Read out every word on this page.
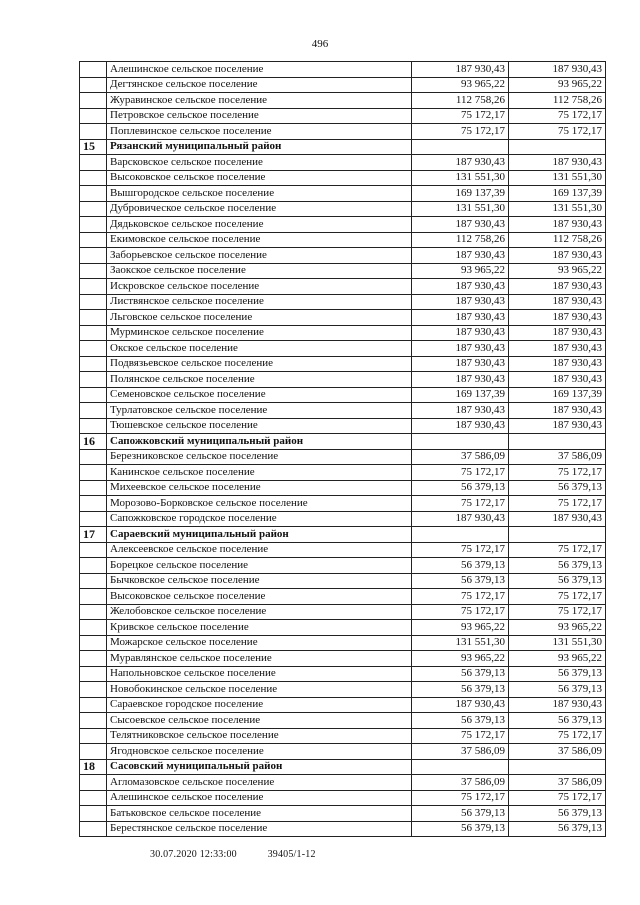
496
	Алешинское сельское поселение	187 930,43	187 930,43
	Дегтянское сельское поселение	93 965,22	93 965,22
	Журавинское сельское поселение	112 758,26	112 758,26
	Петровское сельское поселение	75 172,17	75 172,17
	Поплевинское сельское поселение	75 172,17	75 172,17
15	Рязанский муниципальный район		
	Варсковское сельское поселение	187 930,43	187 930,43
	Высоковское сельское поселение	131 551,30	131 551,30
	Вышгородское сельское поселение	169 137,39	169 137,39
	Дубровическое сельское поселение	131 551,30	131 551,30
	Дядьковское сельское поселение	187 930,43	187 930,43
	Екимовское сельское поселение	112 758,26	112 758,26
	Заборьевское сельское поселение	187 930,43	187 930,43
	Заокское сельское поселение	93 965,22	93 965,22
	Искровское сельское поселение	187 930,43	187 930,43
	Листвянское сельское поселение	187 930,43	187 930,43
	Льговское сельское поселение	187 930,43	187 930,43
	Мурминское сельское поселение	187 930,43	187 930,43
	Окское сельское поселение	187 930,43	187 930,43
	Подвязьевское сельское поселение	187 930,43	187 930,43
	Полянское сельское поселение	187 930,43	187 930,43
	Семеновское сельское поселение	169 137,39	169 137,39
	Турлатовское сельское поселение	187 930,43	187 930,43
	Тюшевское сельское поселение	187 930,43	187 930,43
16	Сапожковский муниципальный район		
	Березниковское сельское поселение	37 586,09	37 586,09
	Канинское сельское поселение	75 172,17	75 172,17
	Михеевское сельское поселение	56 379,13	56 379,13
	Морозово-Борковское сельское поселение	75 172,17	75 172,17
	Сапожковское городское поселение	187 930,43	187 930,43
17	Сараевский муниципальный район		
	Алексеевское сельское поселение	75 172,17	75 172,17
	Борецкое сельское поселение	56 379,13	56 379,13
	Бычковское сельское поселение	56 379,13	56 379,13
	Высоковское сельское поселение	75 172,17	75 172,17
	Желобовское сельское поселение	75 172,17	75 172,17
	Кривское сельское поселение	93 965,22	93 965,22
	Можарское сельское поселение	131 551,30	131 551,30
	Муравлянское сельское поселение	93 965,22	93 965,22
	Напольновское сельское поселение	56 379,13	56 379,13
	Новобокинское сельское поселение	56 379,13	56 379,13
	Сараевское городское поселение	187 930,43	187 930,43
	Сысоевское сельское поселение	56 379,13	56 379,13
	Телятниковское сельское поселение	75 172,17	75 172,17
	Ягодновское сельское поселение	37 586,09	37 586,09
18	Сасовский муниципальный район		
	Агломазовское сельское поселение	37 586,09	37 586,09
	Алешинское сельское поселение	75 172,17	75 172,17
	Батьковское сельское поселение	56 379,13	56 379,13
	Берестянское сельское поселение	56 379,13	56 379,13
30.07.2020 12:33:00	39405/1-12
